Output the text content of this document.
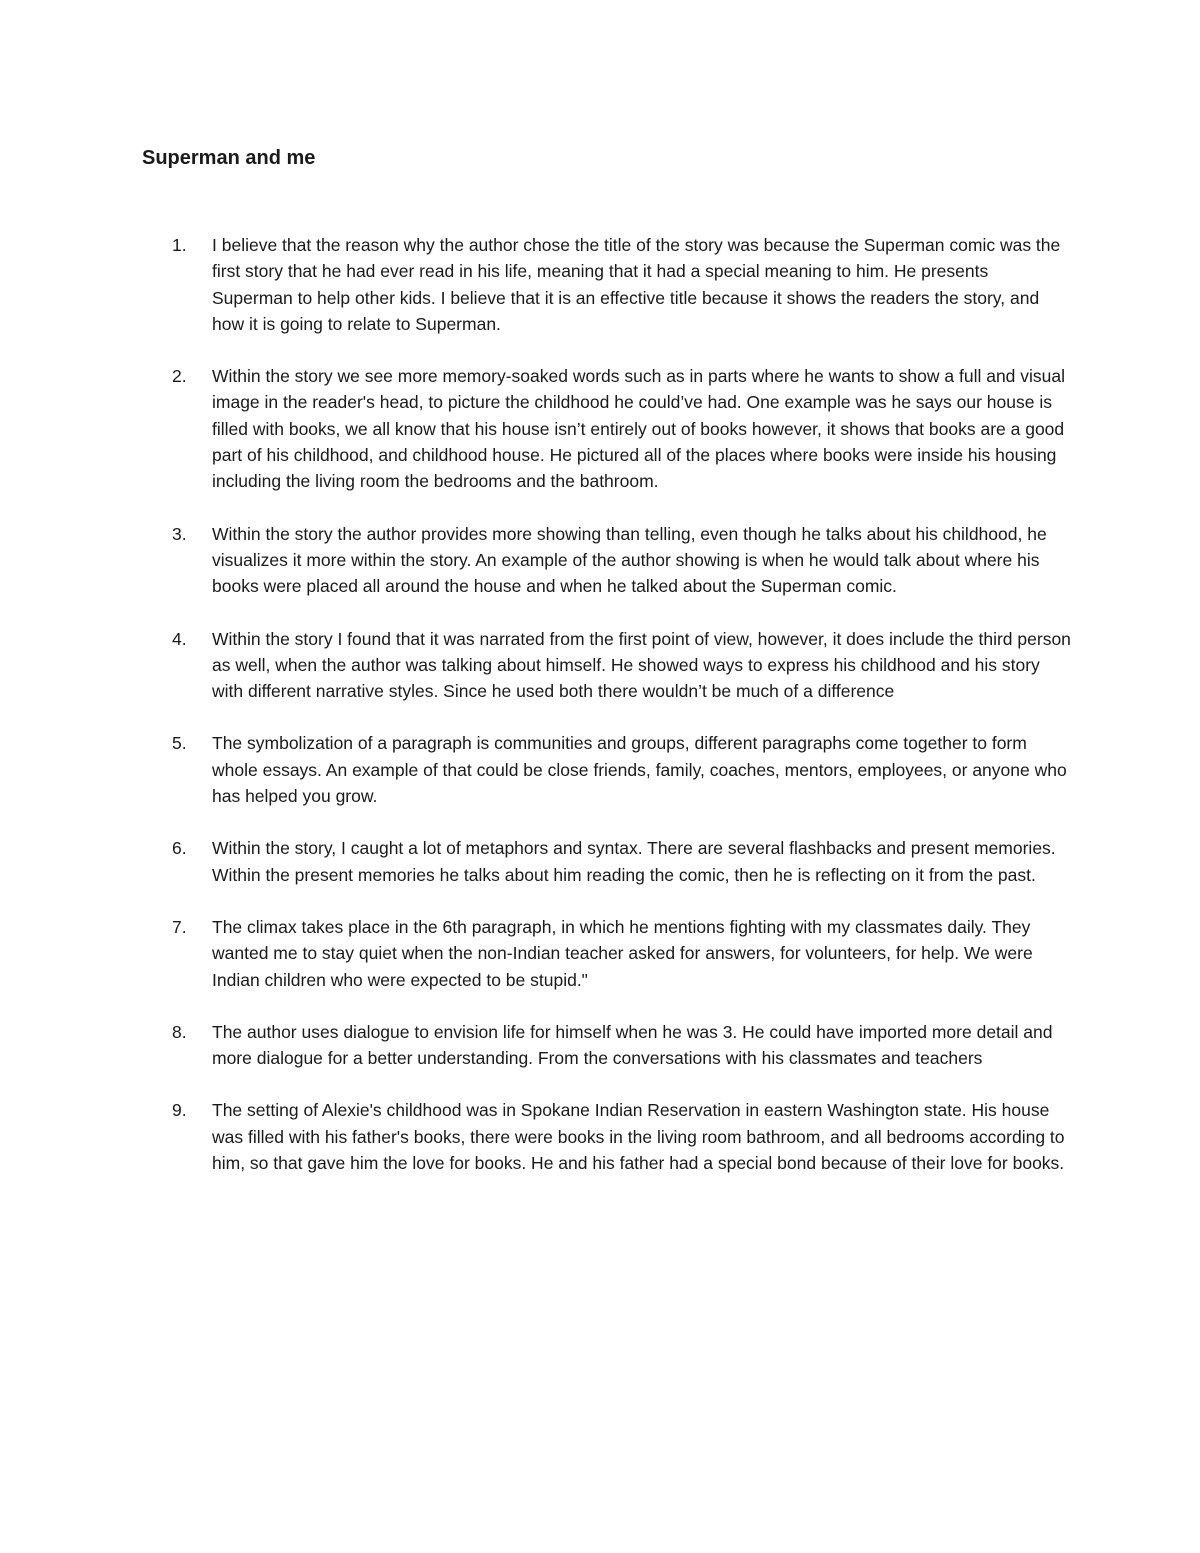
Superman and me
1. I believe that the reason why the author chose the title of the story was because the Superman comic was the first story that he had ever read in his life, meaning that it had a special meaning to him. He presents Superman to help other kids. I believe that it is an effective title because it shows the readers the story, and how it is going to relate to Superman.

2. Within the story we see more memory-soaked words such as in parts where he wants to show a full and visual image in the reader's head, to picture the childhood he could’ve had. One example was he says our house is filled with books, we all know that his house isn’t entirely out of books however, it shows that books are a good part of his childhood, and childhood house. He pictured all of the places where books were inside his housing including the living room the bedrooms and the bathroom.

3. Within the story the author provides more showing than telling, even though he talks about his childhood, he visualizes it more within the story. An example of the author showing is when he would talk about where his books were placed all around the house and when he talked about the Superman comic.

4. Within the story I found that it was narrated from the first point of view, however, it does include the third person as well, when the author was talking about himself. He showed ways to express his childhood and his story with different narrative styles. Since he used both there wouldn’t be much of a difference

5. The symbolization of a paragraph is communities and groups, different paragraphs come together to form whole essays. An example of that could be close friends, family, coaches, mentors, employees, or anyone who has helped you grow.

6. Within the story, I caught a lot of metaphors and syntax. There are several flashbacks and present memories. Within the present memories he talks about him reading the comic, then he is reflecting on it from the past.

7. The climax takes place in the 6th paragraph, in which he mentions fighting with my classmates daily. They wanted me to stay quiet when the non-Indian teacher asked for answers, for volunteers, for help. We were Indian children who were expected to be stupid."

8. The author uses dialogue to envision life for himself when he was 3. He could have imported more detail and more dialogue for a better understanding. From the conversations with his classmates and teachers

9. The setting of Alexie's childhood was in Spokane Indian Reservation in eastern Washington state. His house was filled with his father's books, there were books in the living room bathroom, and all bedrooms according to him, so that gave him the love for books. He and his father had a special bond because of their love for books.
